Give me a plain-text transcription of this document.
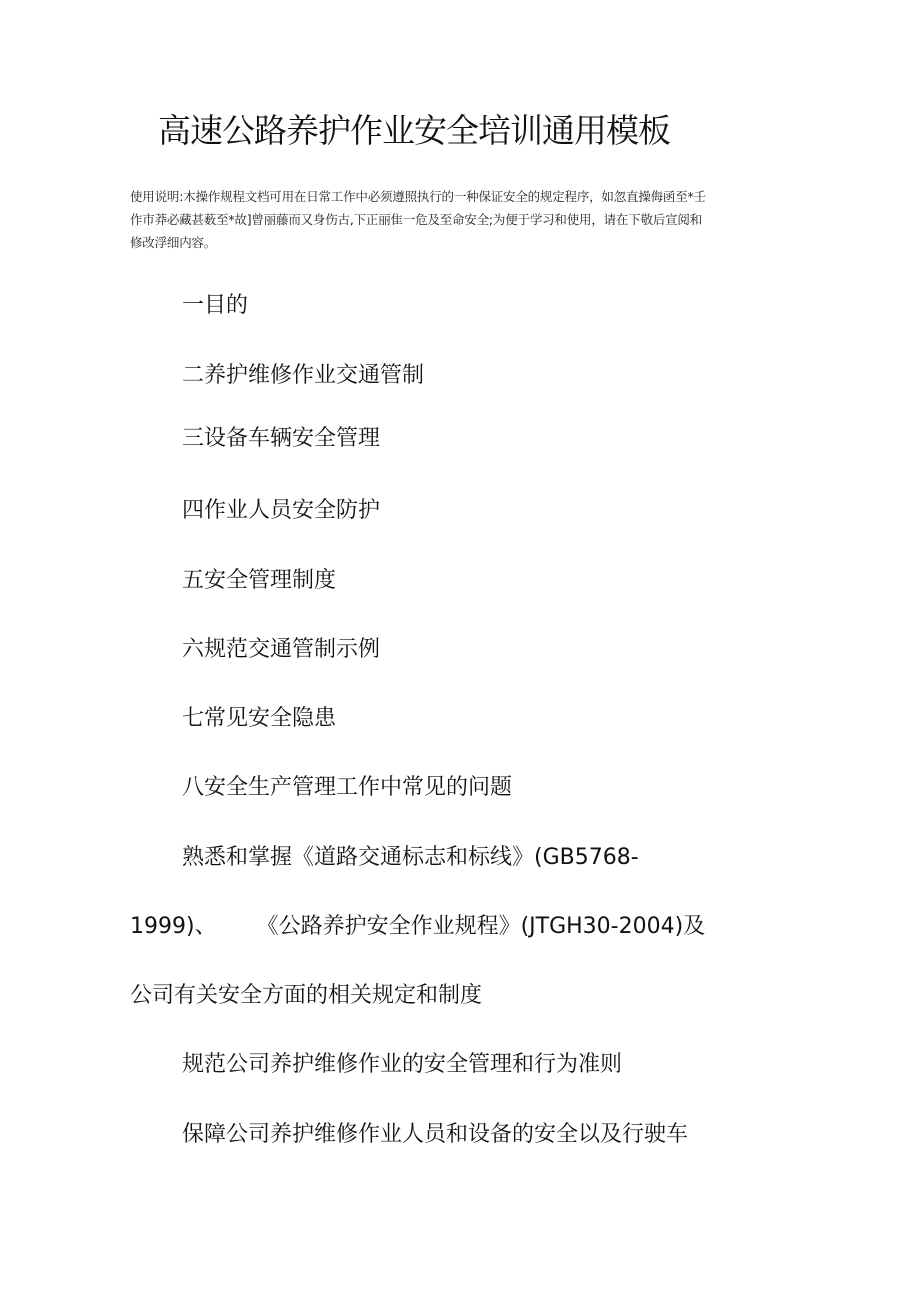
高速公路养护作业安全培训通用模板

使用说明:木操作规程文档可用在日常工作中必须遵照执行的一种保证安全的规定程序，如忽直操侮函至*壬

作市莽必藏甚薮至*故]曾丽藤而又身伤古,下正丽隹一危及至命安全;为便于学习和使用，请在下敬后宣阅和

修改浮细内容。

一目的
二养护维修作业交通管制
三设备车辆安全管理
四作业人员安全防护
五安全管理制度
六规范交通管制示例
七常见安全隐患
八安全生产管理工作中常见的问题
熟悉和掌握《道路交通标志和标线》(GB5768-
1999)、 《公路养护安全作业规程》(JTGH30-2004)及
公司有关安全方面的相关规定和制度
规范公司养护维修作业的安全管理和行为准则
保障公司养护维修作业人员和设备的安全以及行驶车
